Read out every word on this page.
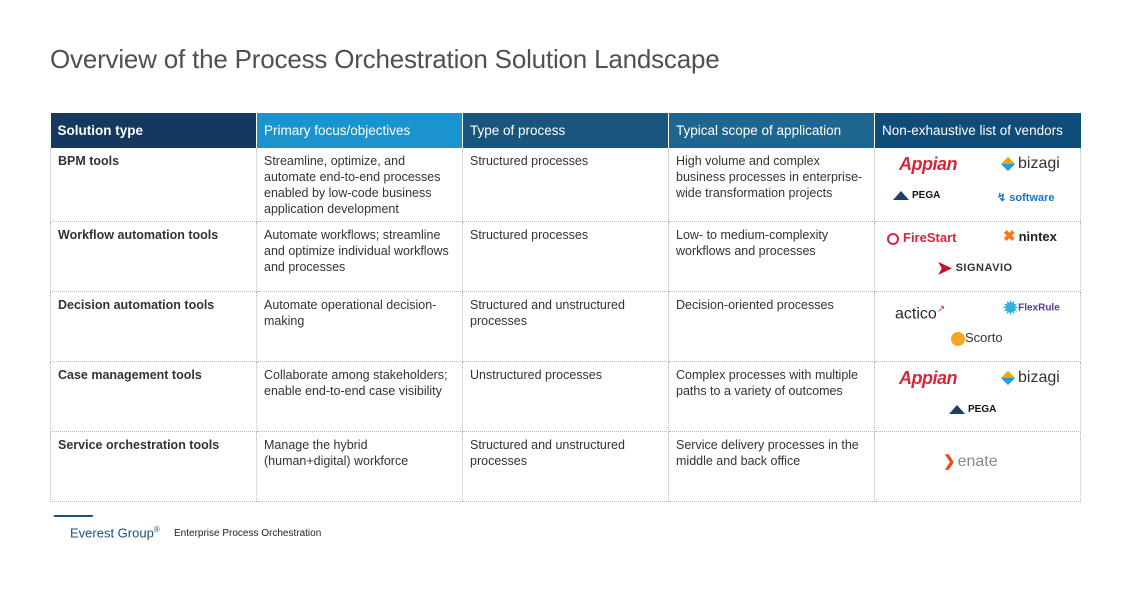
Overview of the Process Orchestration Solution Landscape
Solution type	Primary focus/objectives	Type of process	Typical scope of application	Non-exhaustive list of vendors
BPM tools	Streamline, optimize, and automate end-to-end processes enabled by low-code business application development	Structured processes	High volume and complex business processes in enterprise-wide transformation projects	Appian bizagi
PEGA ↯ software

Workflow automation tools	Automate workflows; streamline and optimize individual workflows and processes	Structured processes	Low- to medium-complexity workflows and processes	FireStart ✖ nintex
➤ SIGNAVIO

Decision automation tools	Automate operational decision-making	Structured and unstructured processes	Decision-oriented processes	actico↗ ✹FlexRule
Scorto

Case management tools	Collaborate among stakeholders; enable end-to-end case visibility	Unstructured processes	Complex processes with multiple paths to a variety of outcomes	Appian bizagi
PEGA

Service orchestration tools	Manage the hybrid (human+digital) workforce	Structured and unstructured processes	Service delivery processes in the middle and back office	❯ enate
Everest Group® Enterprise Process Orchestration
